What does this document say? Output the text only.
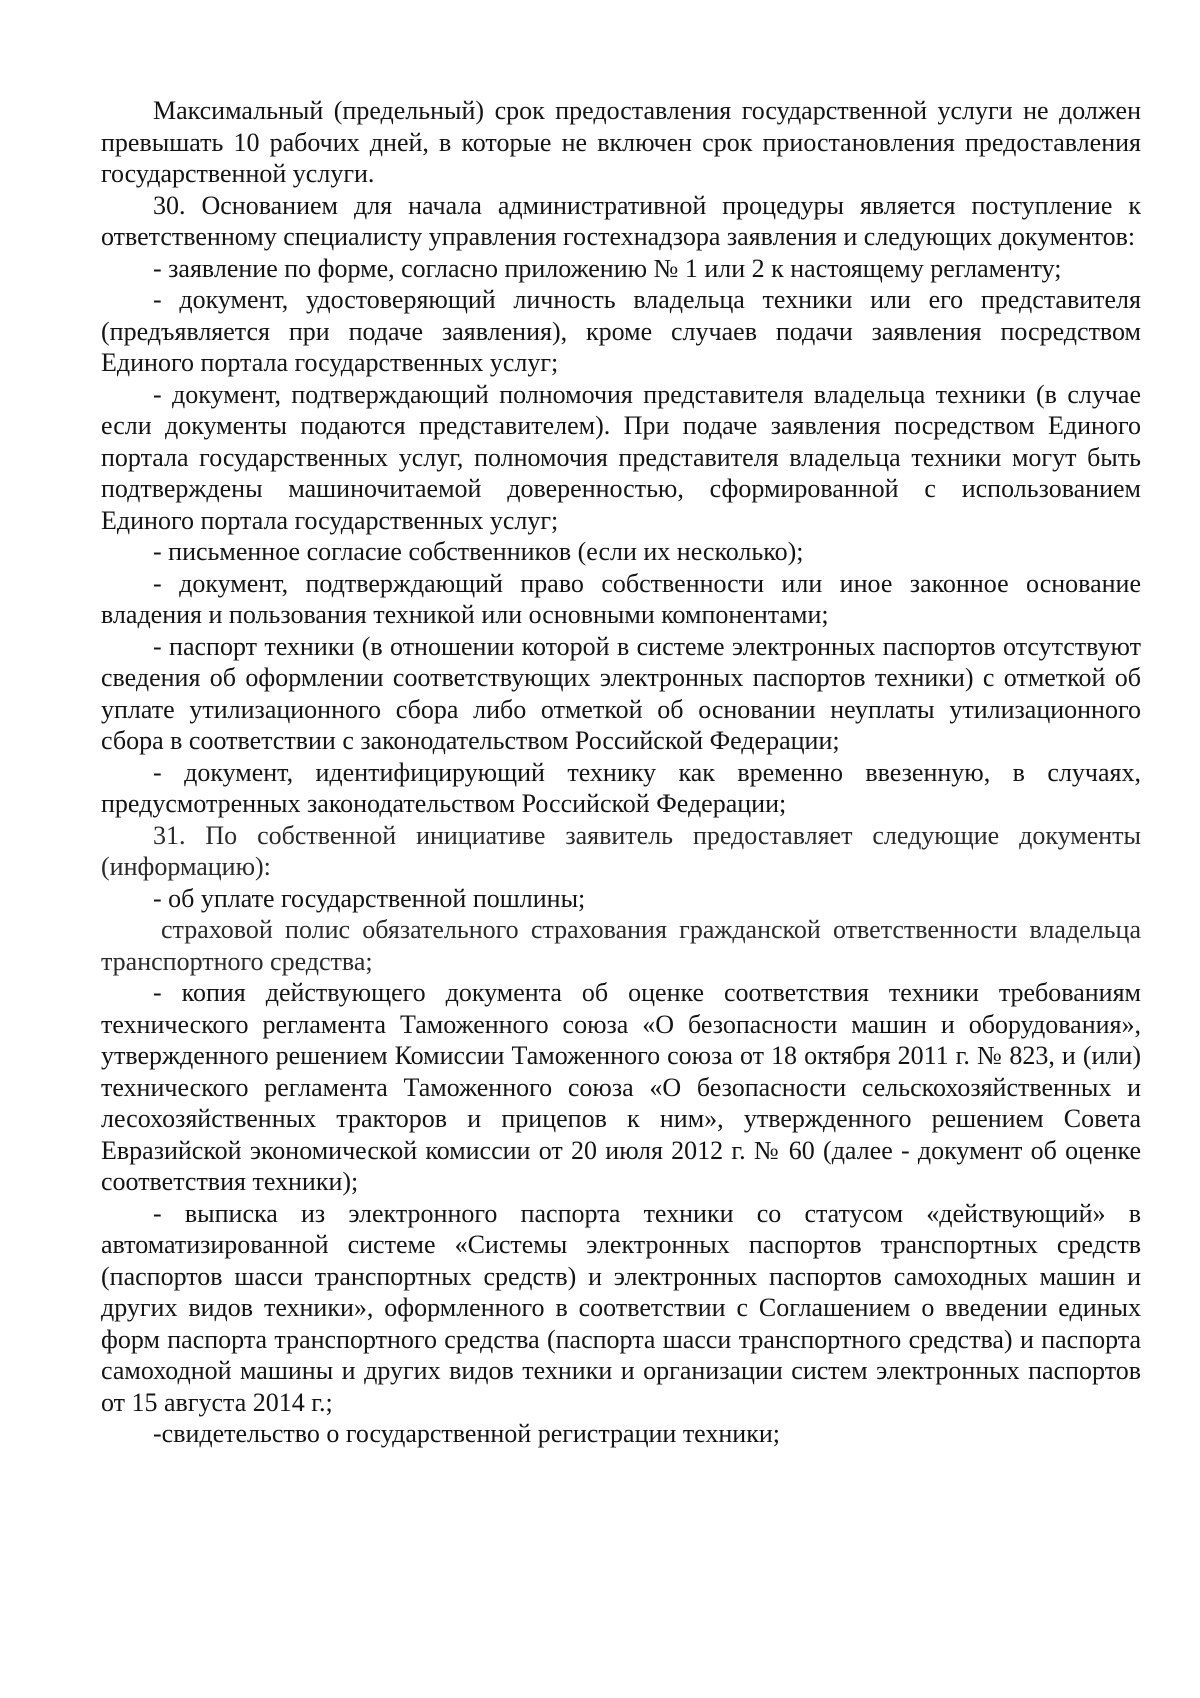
Максимальный (предельный) срок предоставления государственной услуги не должен превышать 10 рабочих дней, в которые не включен срок приостановления предоставления государственной услуги.

30. Основанием для начала административной процедуры является поступление к ответственному специалисту управления гостехнадзора заявления и следующих документов:

- заявление по форме, согласно приложению № 1 или 2 к настоящему регламенту;

- документ, удостоверяющий личность владельца техники или его представителя (предъявляется при подаче заявления), кроме случаев подачи заявления посредством Единого портала государственных услуг;

- документ, подтверждающий полномочия представителя владельца техники (в случае если документы подаются представителем). При подаче заявления посредством Единого портала государственных услуг, полномочия представителя владельца техники могут быть подтверждены машиночитаемой доверенностью, сформированной с использованием Единого портала государственных услуг;

- письменное согласие собственников (если их несколько);

- документ, подтверждающий право собственности или иное законное основание владения и пользования техникой или основными компонентами;

- паспорт техники (в отношении которой в системе электронных паспортов отсутствуют сведения об оформлении соответствующих электронных паспортов техники) с отметкой об уплате утилизационного сбора либо отметкой об основании неуплаты утилизационного сбора в соответствии с законодательством Российской Федерации;

- документ, идентифицирующий технику как временно ввезенную, в случаях, предусмотренных законодательством Российской Федерации;

31. По собственной инициативе заявитель предоставляет следующие документы (информацию):

- об уплате государственной пошлины;

страховой полис обязательного страхования гражданской ответственности владельца транспортного средства;

- копия действующего документа об оценке соответствия техники требованиям технического регламента Таможенного союза «О безопасности машин и оборудования», утвержденного решением Комиссии Таможенного союза от 18 октября 2011 г. № 823, и (или) технического регламента Таможенного союза «О безопасности сельскохозяйственных и лесохозяйственных тракторов и прицепов к ним», утвержденного решением Совета Евразийской экономической комиссии от 20 июля 2012 г. № 60 (далее - документ об оценке соответствия техники);

- выписка из электронного паспорта техники со статусом «действующий» в автоматизированной системе «Системы электронных паспортов транспортных средств (паспортов шасси транспортных средств) и электронных паспортов самоходных машин и других видов техники», оформленного в соответствии с Соглашением о введении единых форм паспорта транспортного средства (паспорта шасси транспортного средства) и паспорта самоходной машины и других видов техники и организации систем электронных паспортов от 15 августа 2014 г.;

-свидетельство о государственной регистрации техники;
